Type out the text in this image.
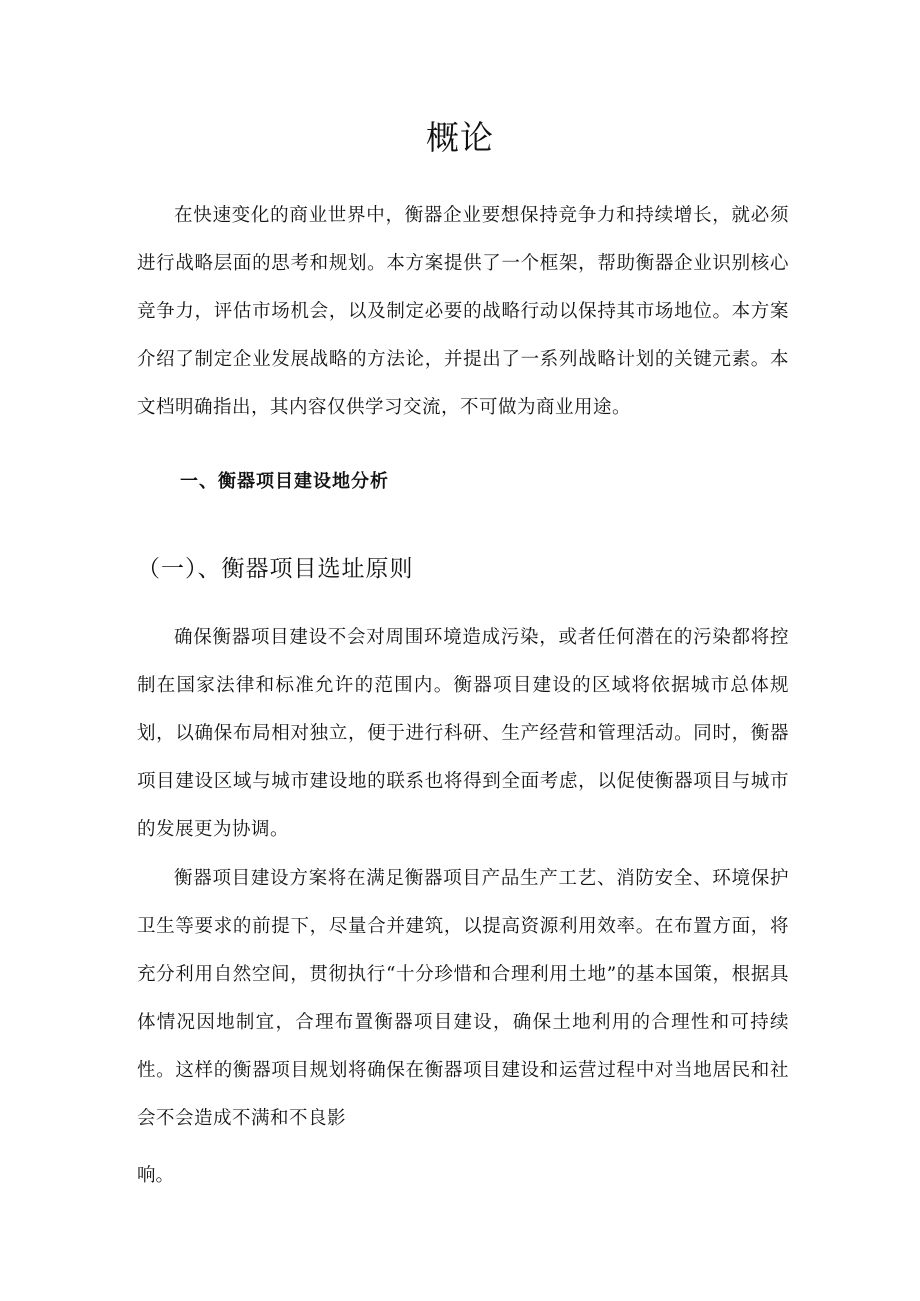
概论

在快速变化的商业世界中，衡器企业要想保持竞争力和持续增长，就必须进行战略层面的思考和规划。本方案提供了一个框架，帮助衡器企业识别核心竞争力，评估市场机会，以及制定必要的战略行动以保持其市场地位。本方案介绍了制定企业发展战略的方法论，并提出了一系列战略计划的关键元素。本文档明确指出，其内容仅供学习交流，不可做为商业用途。

一、衡器项目建设地分析
（一）、衡器项目选址原则

确保衡器项目建设不会对周围环境造成污染，或者任何潜在的污染都将控制在国家法律和标准允许的范围内。衡器项目建设的区域将依据城市总体规划，以确保布局相对独立，便于进行科研、生产经营和管理活动。同时，衡器项目建设区域与城市建设地的联系也将得到全面考虑，以促使衡器项目与城市的发展更为协调。

衡器项目建设方案将在满足衡器项目产品生产工艺、消防安全、环境保护卫生等要求的前提下，尽量合并建筑，以提高资源利用效率。在布置方面，将充分利用自然空间，贯彻执行“十分珍惜和合理利用土地”的基本国策，根据具体情况因地制宜，合理布置衡器项目建设，确保土地利用的合理性和可持续性。这样的衡器项目规划将确保在衡器项目建设和运营过程中对当地居民和社会不会造成不满和不良影

响。
